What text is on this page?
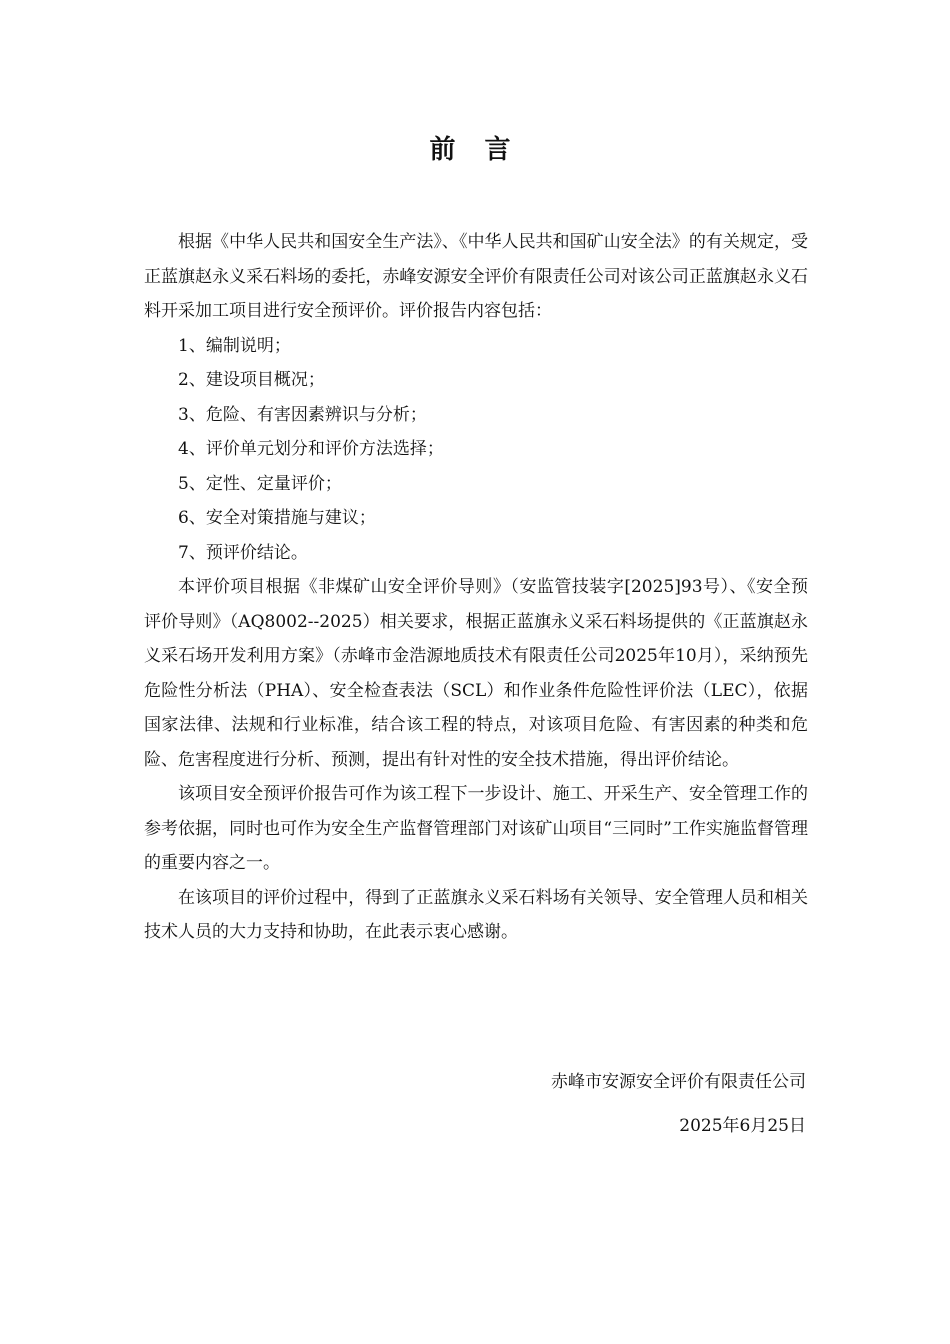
前 言

根据《中华人民共和国安全生产法》、《中华人民共和国矿山安全法》的有关规定，受正蓝旗赵永义采石料场的委托，赤峰安源安全评价有限责任公司对该公司正蓝旗赵永义石料开采加工项目进行安全预评价。评价报告内容包括：

1、编制说明；
2、建设项目概况；
3、危险、有害因素辨识与分析；
4、评价单元划分和评价方法选择；
5、定性、定量评价；
6、安全对策措施与建议；
7、预评价结论。

本评价项目根据《非煤矿山安全评价导则》（安监管技装字[2025]93号）、《安全预评价导则》（AQ8002--2025）相关要求，根据正蓝旗永义采石料场提供的《正蓝旗赵永义采石场开发利用方案》（赤峰市金浩源地质技术有限责任公司2025年10月），采纳预先危险性分析法（PHA）、安全检查表法（SCL）和作业条件危险性评价法（LEC），依据国家法律、法规和行业标准，结合该工程的特点，对该项目危险、有害因素的种类和危险、危害程度进行分析、预测，提出有针对性的安全技术措施，得出评价结论。

该项目安全预评价报告可作为该工程下一步设计、施工、开采生产、安全管理工作的参考依据，同时也可作为安全生产监督管理部门对该矿山项目“三同时”工作实施监督管理的重要内容之一。

在该项目的评价过程中，得到了正蓝旗永义采石料场有关领导、安全管理人员和相关技术人员的大力支持和协助，在此表示衷心感谢。

赤峰市安源安全评价有限责任公司
2025年6月25日
